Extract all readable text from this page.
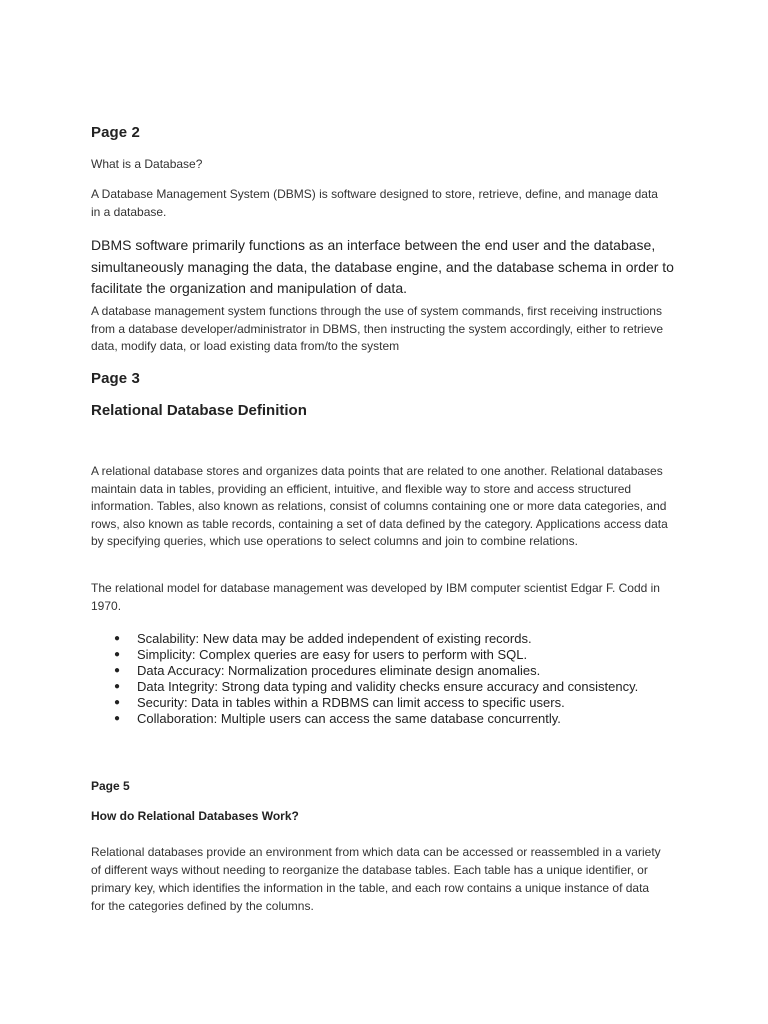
Page 2

What is a Database?

A Database Management System (DBMS) is software designed to store, retrieve, define, and manage data in a database.

DBMS software primarily functions as an interface between the end user and the database, simultaneously managing the data, the database engine, and the database schema in order to facilitate the organization and manipulation of data.

A database management system functions through the use of system commands, first receiving instructions from a database developer/administrator in DBMS, then instructing the system accordingly, either to retrieve data, modify data, or load existing data from/to the system

Page 3
Relational Database Definition

A relational database stores and organizes data points that are related to one another. Relational databases maintain data in tables, providing an efficient, intuitive, and flexible way to store and access structured information. Tables, also known as relations, consist of columns containing one or more data categories, and rows, also known as table records, containing a set of data defined by the category. Applications access data by specifying queries, which use operations to select columns and join to combine relations.

The relational model for database management was developed by IBM computer scientist Edgar F. Codd in 1970.

● Scalability: New data may be added independent of existing records.
● Simplicity: Complex queries are easy for users to perform with SQL.
● Data Accuracy: Normalization procedures eliminate design anomalies.
● Data Integrity: Strong data typing and validity checks ensure accuracy and consistency.
● Security: Data in tables within a RDBMS can limit access to specific users.
● Collaboration: Multiple users can access the same database concurrently.
Page 5
How do Relational Databases Work?

Relational databases provide an environment from which data can be accessed or reassembled in a variety of different ways without needing to reorganize the database tables. Each table has a unique identifier, or primary key, which identifies the information in the table, and each row contains a unique instance of data for the categories defined by the columns.
